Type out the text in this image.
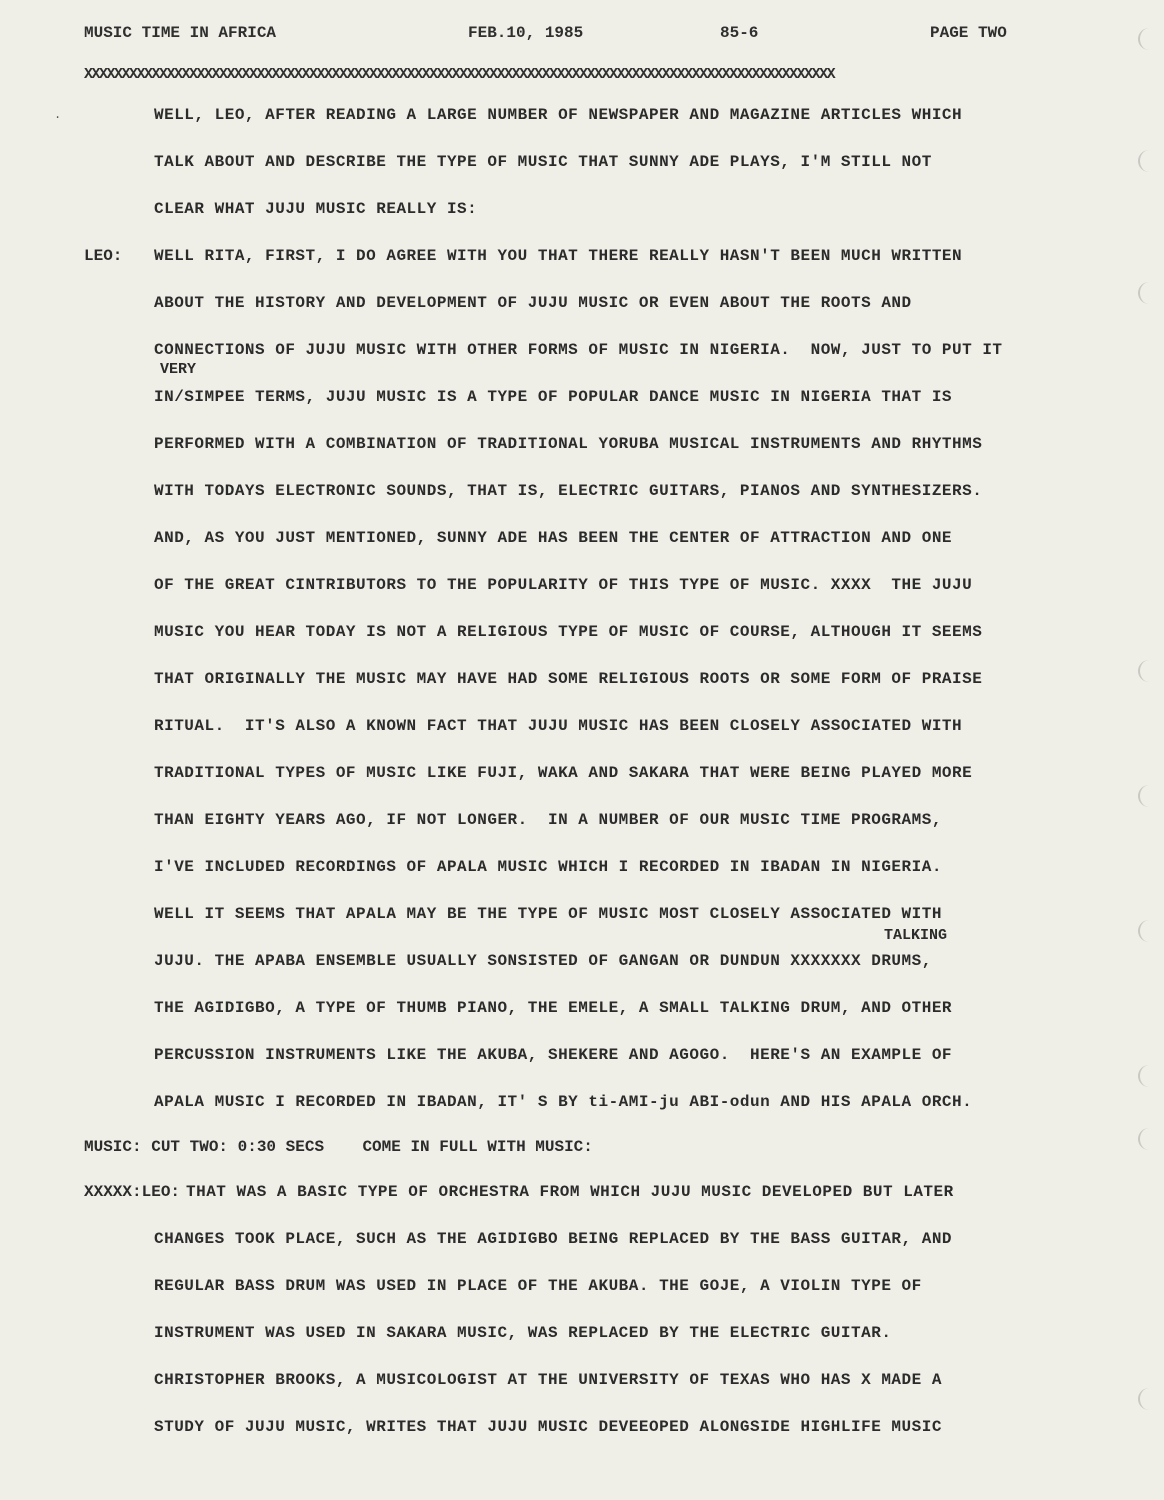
MUSIC TIME IN AFRICA	FEB.10, 1985	85-6	PAGE TWO
XXXXXXXXXXXXXXXXXXXXXXXXXXXXXXXXXXXXXXXXXXXXXXXXXXXXXXXXXXXXXXXXXXXXXXXXXXXXXXXXXXXXXXXXXXXXXXXXXXXX
.	WELL, LEO, AFTER READING A LARGE NUMBER OF NEWSPAPER AND MAGAZINE ARTICLES WHICH
TALK ABOUT AND DESCRIBE THE TYPE OF MUSIC THAT SUNNY ADE PLAYS, I'M STILL NOT
CLEAR WHAT JUJU MUSIC REALLY IS:
LEO: WELL RITA, FIRST, I DO AGREE WITH YOU THAT THERE REALLY HASN'T BEEN MUCH WRITTEN
ABOUT THE HISTORY AND DEVELOPMENT OF JUJU MUSIC OR EVEN ABOUT THE ROOTS AND
CONNECTIONS OF JUJU MUSIC WITH OTHER FORMS OF MUSIC IN NIGERIA.  NOW, JUST TO PUT IT
VERY
IN/SIMPEE TERMS, JUJU MUSIC IS A TYPE OF POPULAR DANCE MUSIC IN NIGERIA THAT IS
PERFORMED WITH A COMBINATION OF TRADITIONAL YORUBA MUSICAL INSTRUMENTS AND RHYTHMS
WITH TODAYS ELECTRONIC SOUNDS, THAT IS, ELECTRIC GUITARS, PIANOS AND SYNTHESIZERS.
AND, AS YOU JUST MENTIONED, SUNNY ADE HAS BEEN THE CENTER OF ATTRACTION AND ONE
OF THE GREAT CINTRIBUTORS TO THE POPULARITY OF THIS TYPE OF MUSIC. XXXX  THE JUJU
MUSIC YOU HEAR TODAY IS NOT A RELIGIOUS TYPE OF MUSIC OF COURSE, ALTHOUGH IT SEEMS
THAT ORIGINALLY THE MUSIC MAY HAVE HAD SOME RELIGIOUS ROOTS OR SOME FORM OF PRAISE
RITUAL.  IT'S ALSO A KNOWN FACT THAT JUJU MUSIC HAS BEEN CLOSELY ASSOCIATED WITH
TRADITIONAL TYPES OF MUSIC LIKE FUJI, WAKA AND SAKARA THAT WERE BEING PLAYED MORE
THAN EIGHTY YEARS AGO, IF NOT LONGER.  IN A NUMBER OF OUR MUSIC TIME PROGRAMS,
I'VE INCLUDED RECORDINGS OF APALA MUSIC WHICH I RECORDED IN IBADAN IN NIGERIA.
WELL IT SEEMS THAT APALA MAY BE THE TYPE OF MUSIC MOST CLOSELY ASSOCIATED WITH
TALKING
JUJU. THE APABA ENSEMBLE USUALLY SONSISTED OF GANGAN OR DUNDUN XXXXXXX DRUMS,
THE AGIDIGBO, A TYPE OF THUMB PIANO, THE EMELE, A SMALL TALKING DRUM, AND OTHER
PERCUSSION INSTRUMENTS LIKE THE AKUBA, SHEKERE AND AGOGO.  HERE'S AN EXAMPLE OF
APALA MUSIC I RECORDED IN IBADAN, IT' S BY ti-AMI-ju ABI-odun AND HIS APALA ORCH.
MUSIC: CUT TWO: 0:30 SECS    COME IN FULL WITH MUSIC:
XXXXX:LEO: THAT WAS A BASIC TYPE OF ORCHESTRA FROM WHICH JUJU MUSIC DEVELOPED BUT LATER
CHANGES TOOK PLACE, SUCH AS THE AGIDIGBO BEING REPLACED BY THE BASS GUITAR, AND
REGULAR BASS DRUM WAS USED IN PLACE OF THE AKUBA. THE GOJE, A VIOLIN TYPE OF
INSTRUMENT WAS USED IN SAKARA MUSIC, WAS REPLACED BY THE ELECTRIC GUITAR.
CHRISTOPHER BROOKS, A MUSICOLOGIST AT THE UNIVERSITY OF TEXAS WHO HAS X MADE A
STUDY OF JUJU MUSIC, WRITES THAT JUJU MUSIC DEVEEOPED ALONGSIDE HIGHLIFE MUSIC
